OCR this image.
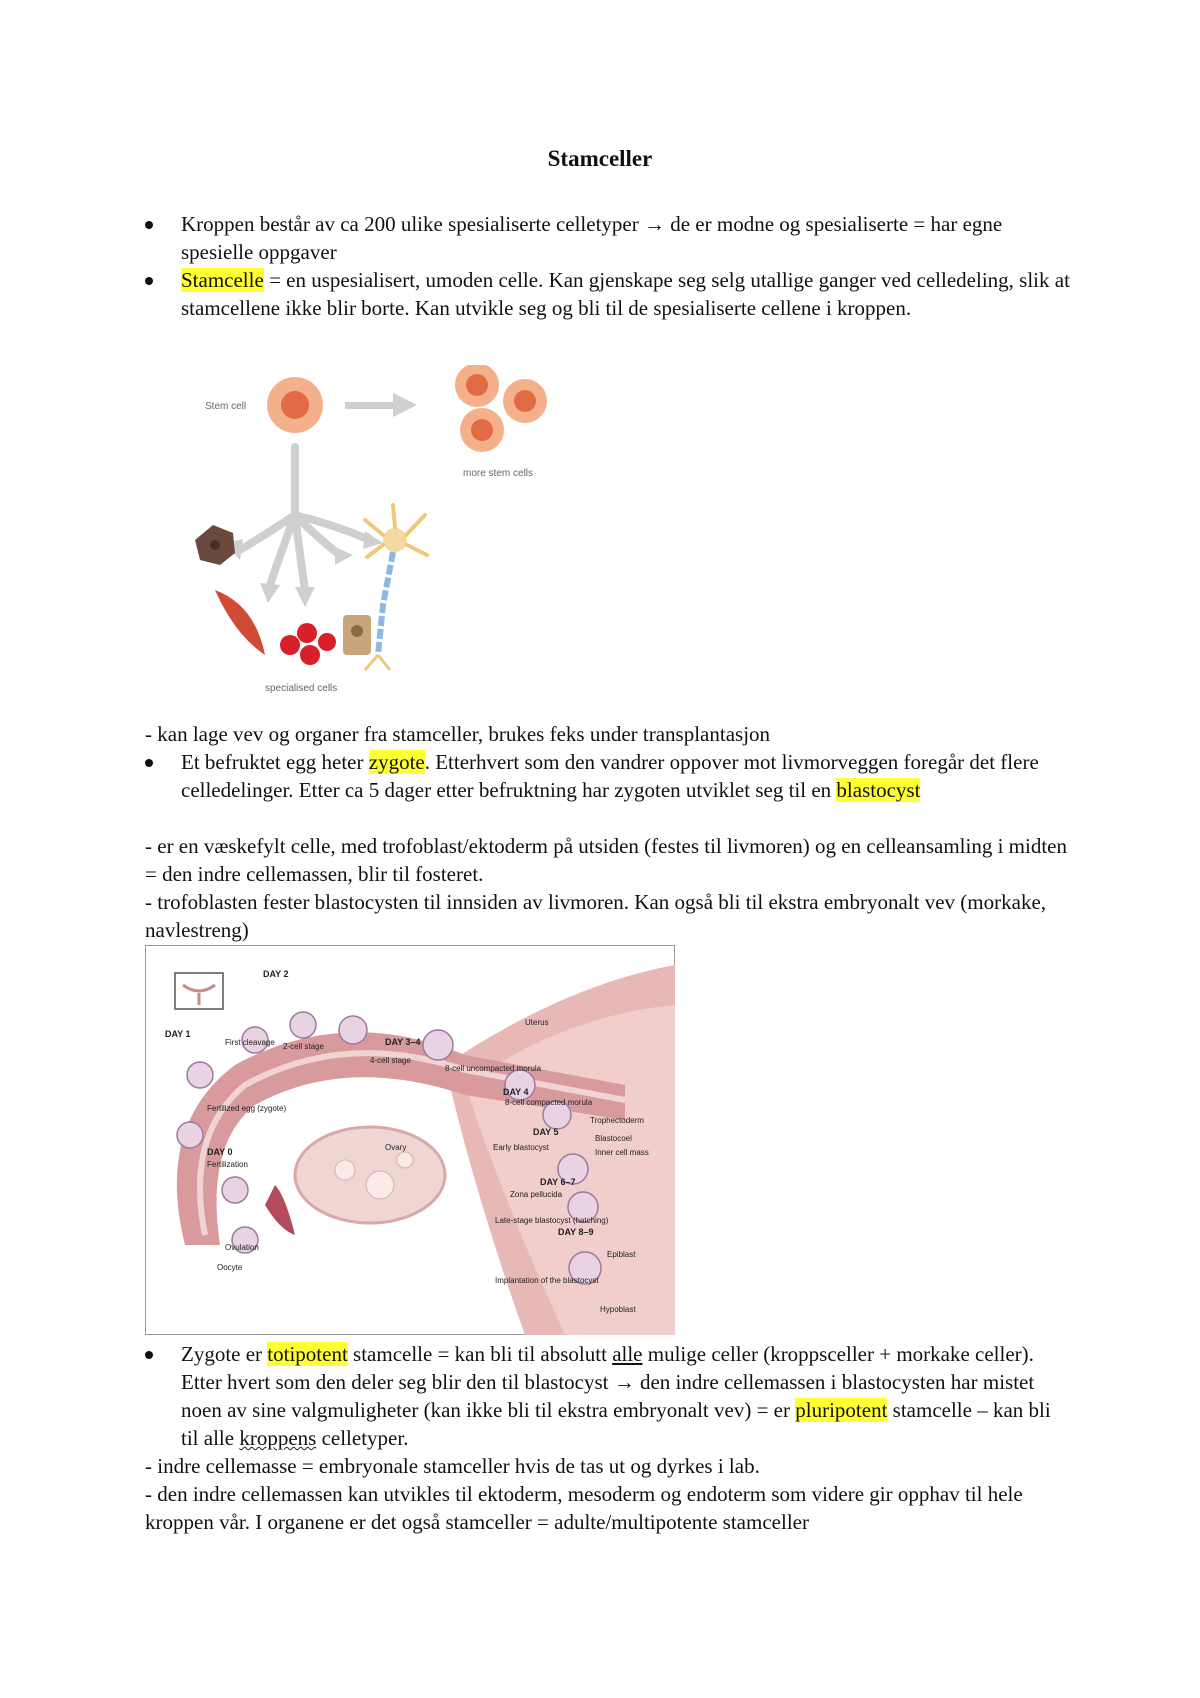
Stamceller
Kroppen består av ca 200 ulike spesialiserte celletyper → de er modne og spesialiserte = har egne spesielle oppgaver
Stamcelle = en uspesialisert, umoden celle. Kan gjenskape seg selg utallige ganger ved celledeling, slik at stamcellene ikke blir borte. Kan utvikle seg og bli til de spesialiserte cellene i kroppen.
Stem cell
more stem cells
specialised cells
- kan lage vev og organer fra stamceller, brukes feks under transplantasjon
Et befruktet egg heter zygote. Etterhvert som den vandrer oppover mot livmorveggen foregår det flere celledelinger. Etter ca 5 dager etter befruktning har zygoten utviklet seg til en blastocyst
- er en væskefylt celle, med trofoblast/ektoderm på utsiden (festes til livmoren) og en celleansamling i midten = den indre cellemassen, blir til fosteret.
- trofoblasten fester blastocysten til innsiden av livmoren. Kan også bli til ekstra embryonalt vev (morkake, navlestreng)
DAY 1
DAY 2
DAY 3–4
DAY 4
DAY 5
DAY 6–7
DAY 8–9
DAY 0
Uterus
First cleavage 2-cell stage
4-cell stage
8-cell uncompacted morula
8-cell compacted morula
Fertilized egg (zygote)
Fertilization
Ovary
Ovulation
Oocyte
Trophectoderm
Blastocoel
Inner cell mass
Early blastocyst
Zona pellucida
Late-stage blastocyst (hatching)
Implantation of the blastocyst
Epiblast
Hypoblast
Zygote er totipotent stamcelle = kan bli til absolutt alle mulige celler (kroppsceller + morkake celler). Etter hvert som den deler seg blir den til blastocyst → den indre cellemassen i blastocysten har mistet noen av sine valgmuligheter (kan ikke bli til ekstra embryonalt vev) = er pluripotent stamcelle – kan bli til alle kroppens celletyper.
- indre cellemasse = embryonale stamceller hvis de tas ut og dyrkes i lab.
- den indre cellemassen kan utvikles til ektoderm, mesoderm og endoterm som videre gir opphav til hele kroppen vår. I organene er det også stamceller = adulte/multipotente stamceller
